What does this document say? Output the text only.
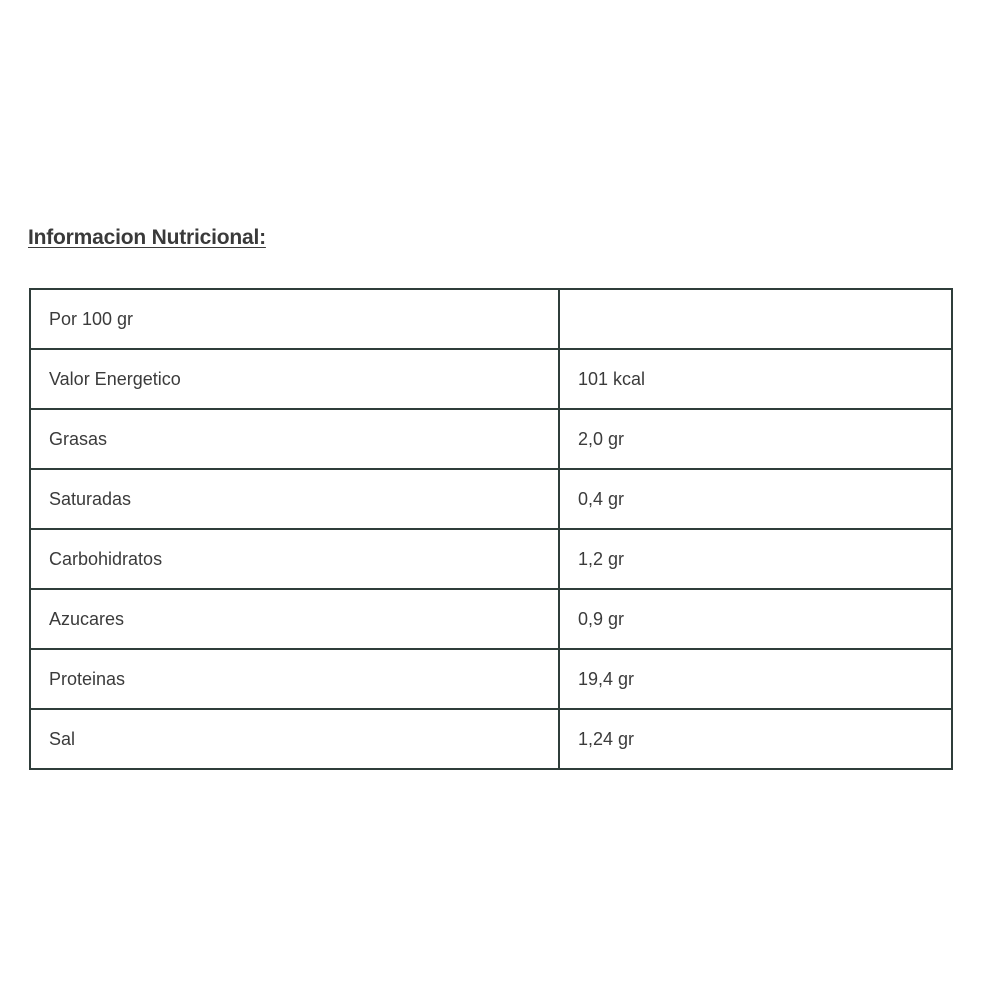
Informacion Nutricional:
Por 100 gr	
Valor Energetico	101 kcal
Grasas	2,0 gr
Saturadas	0,4 gr
Carbohidratos	1,2 gr
Azucares	0,9 gr
Proteinas	19,4 gr
Sal	1,24 gr
